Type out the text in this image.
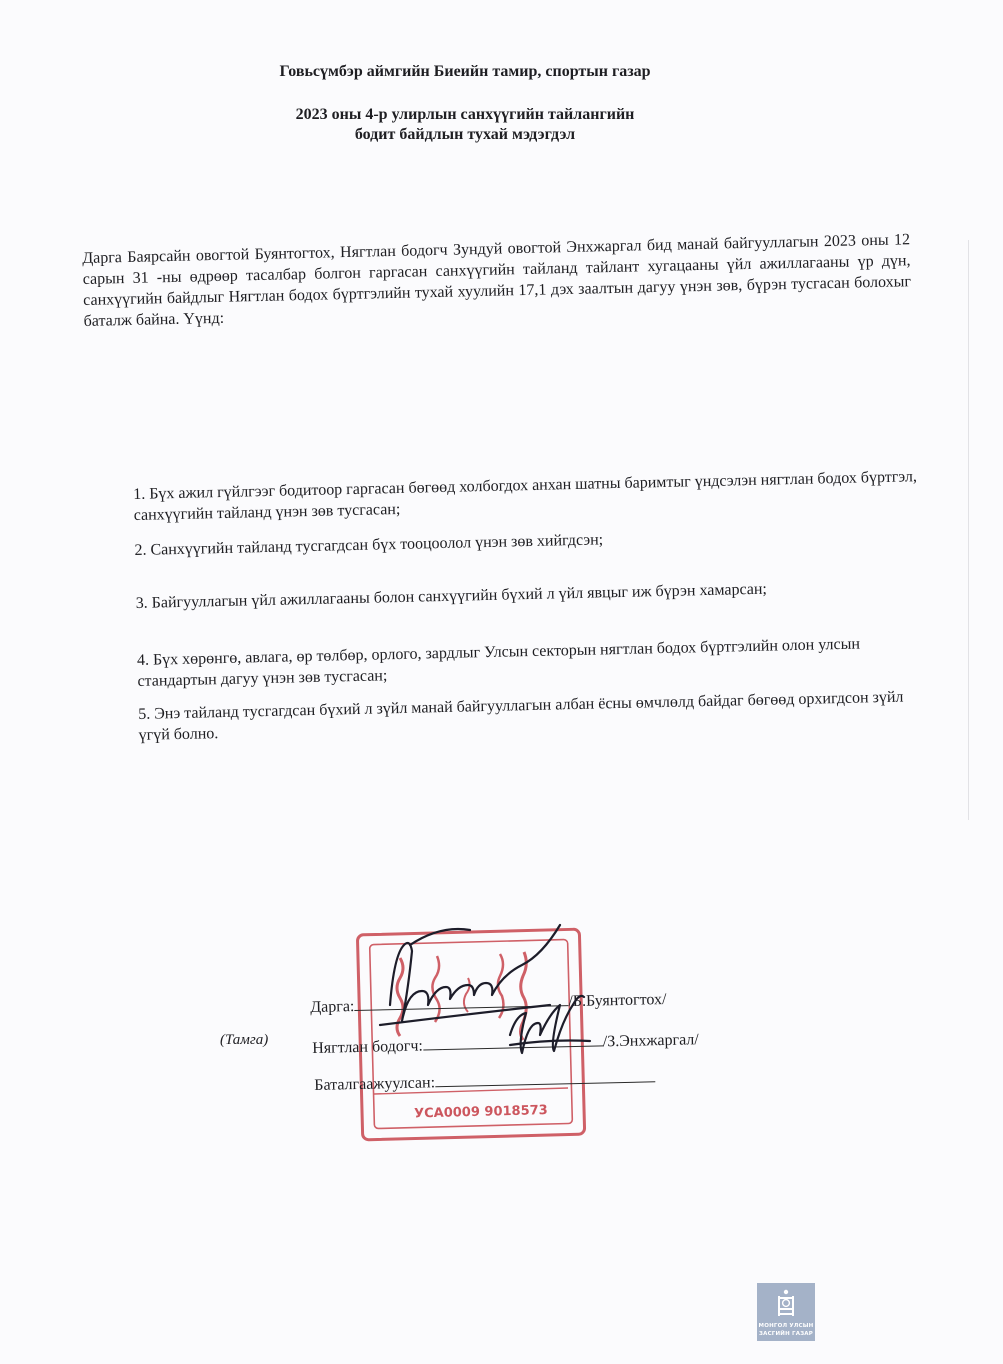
Говьсүмбэр аймгийн Биеийн тамир, спортын газар
2023 оны 4-р улирлын санхүүгийн тайлангийн
бодит байдлын тухай мэдэгдэл
Дарга Баярсайн овогтой Буянтогтох, Нягтлан бодогч Зундуй овогтой Энхжаргал бид манай байгууллагын 2023 оны 12 сарын 31 -ны өдрөөр тасалбар болгон гаргасан санхүүгийн тайланд тайлант хугацааны үйл ажиллагааны үр дүн, санхүүгийн байдлыг Нягтлан бодох бүртгэлийн тухай хуулийн 17,1 дэх заалтын дагуу үнэн зөв, бүрэн тусгасан болохыг баталж байна. Үүнд:

1. Бүх ажил гүйлгээг бодитоор гаргасан бөгөөд холбогдох анхан шатны баримтыг үндсэлэн нягтлан бодох бүртгэл, санхүүгийн тайланд үнэн зөв тусгасан;

2. Санхүүгийн тайланд тусгагдсан бүх тооцоолол үнэн зөв хийгдсэн;

3. Байгууллагын үйл ажиллагааны болон санхүүгийн бүхий л үйл явцыг иж бүрэн хамарсан;

4. Бүх хөрөнгө, авлага, өр төлбөр, орлого, зардлыг Улсын секторын нягтлан бодох бүртгэлийн олон улсын стандартын дагуу үнэн зөв тусгасан;

5. Энэ тайланд тусгагдсан бүхий л зүйл манай байгууллагын албан ёсны өмчлөлд байдаг бөгөөд орхигдсон зүйл үгүй болно.

УСА0009 9018573
Дарга:	/Б.Буянтогтох/
(Тамга)	Нягтлан бодогч:	/З.Энхжаргал/
Баталгаажуулсан:
МОНГОЛ УЛСЫН
ЗАСГИЙН ГАЗАР
